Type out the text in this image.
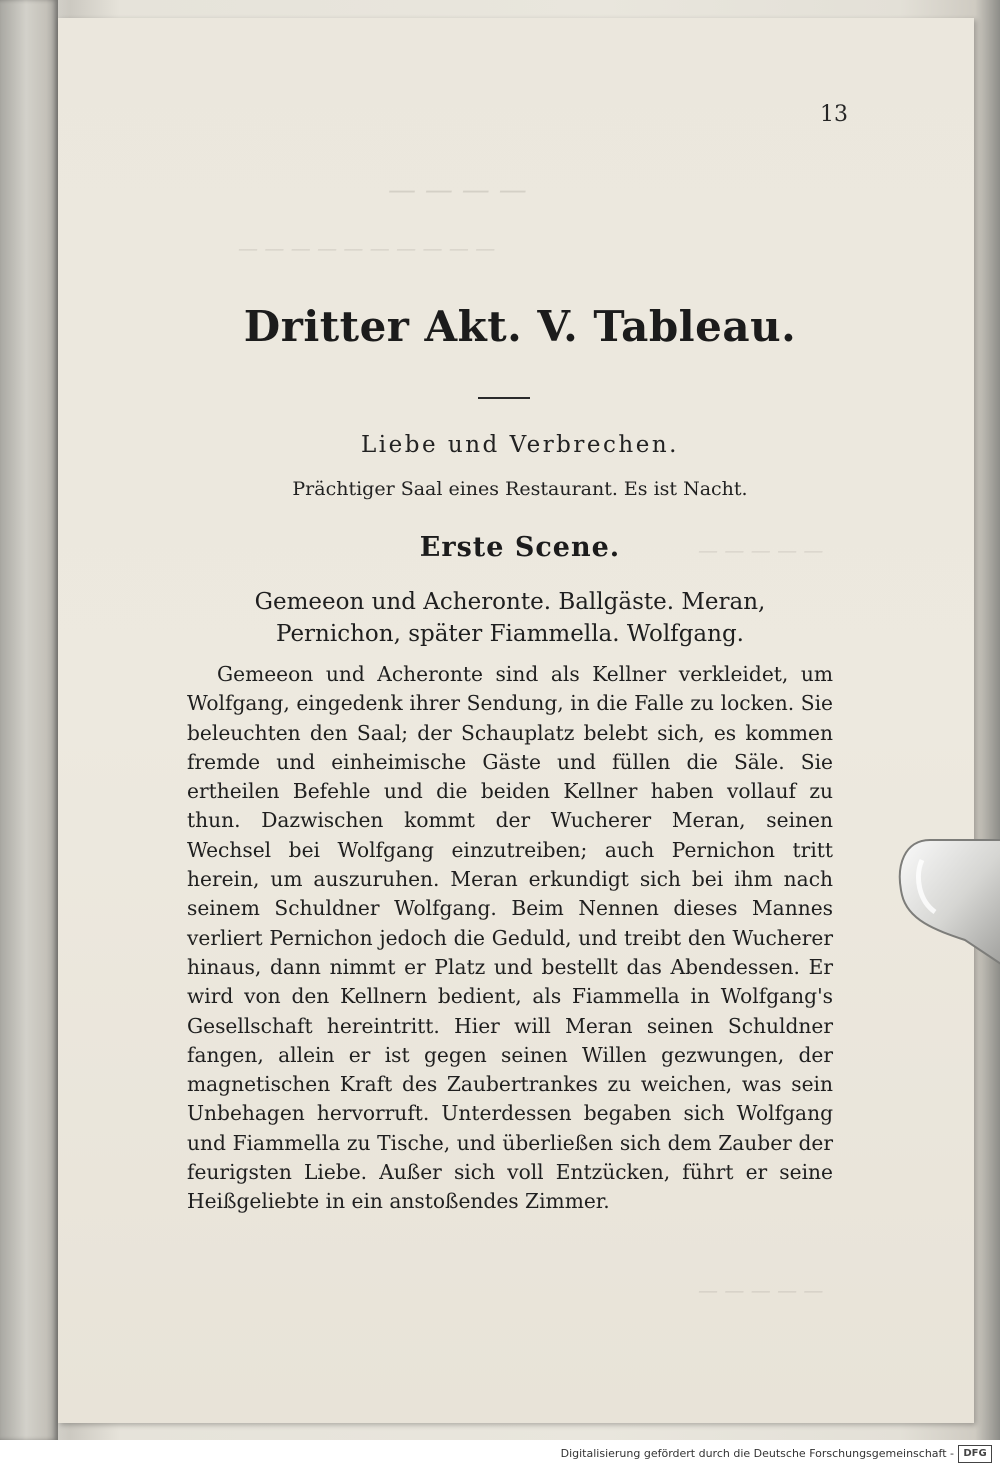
— — — —
— — — — — — — — — —
— — — — —
— — — — —
13
Dritter Akt. V. Tableau.
Liebe und Verbrechen.
Prächtiger Saal eines Restaurant. Es ist Nacht.
Erste Scene.
Gemeeon und Acheronte. Ballgäste. Meran,
Pernichon, später Fiammella. Wolfgang.
Gemeeon und Acheronte sind als Kellner verkleidet, um Wolfgang, eingedenk ihrer Sendung, in die Falle zu locken. Sie beleuchten den Saal; der Schauplatz belebt sich, es kommen fremde und einheimische Gäste und füllen die Säle. Sie ertheilen Befehle und die beiden Kellner haben vollauf zu thun. Dazwischen kommt der Wucherer Meran, seinen Wechsel bei Wolfgang einzutreiben; auch Pernichon tritt herein, um auszuruhen. Meran erkundigt sich bei ihm nach seinem Schuldner Wolfgang. Beim Nennen dieses Mannes verliert Pernichon jedoch die Geduld, und treibt den Wucherer hinaus, dann nimmt er Platz und bestellt das Abendessen. Er wird von den Kellnern bedient, als Fiammella in Wolfgang's Gesellschaft hereintritt. Hier will Meran seinen Schuldner fangen, allein er ist gegen seinen Willen gezwungen, der magnetischen Kraft des Zaubertrankes zu weichen, was sein Unbehagen hervorruft. Unterdessen begaben sich Wolfgang und Fiammella zu Tische, und überließen sich dem Zauber der feurigsten Liebe. Außer sich voll Entzücken, führt er seine Heißgeliebte in ein anstoßendes Zimmer.
Digitalisierung gefördert durch die Deutsche Forschungsgemeinschaft - DFG
